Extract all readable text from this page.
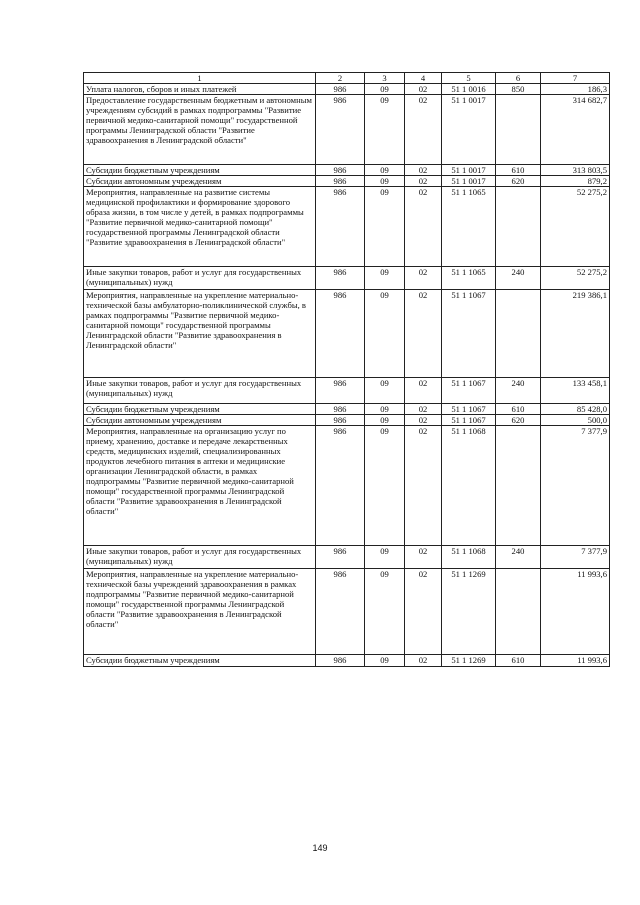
1	2	3	4	5	6	7
Уплата налогов, сборов и иных платежей	986	09	02	51 1 0016	850	186,3
Предоставление государственным бюджетным и автономным учреждениям субсидий в рамках подпрограммы "Развитие первичной медико-санитарной помощи" государственной программы Ленинградской области "Развитие здравоохранения в Ленинградской области"	986	09	02	51 1 0017		314 682,7
Субсидии бюджетным учреждениям	986	09	02	51 1 0017	610	313 803,5
Субсидии автономным учреждениям	986	09	02	51 1 0017	620	879,2
Мероприятия, направленные на развитие системы медицинской профилактики и формирование здорового образа жизни, в том числе у детей, в рамках подпрограммы "Развитие первичной медико-санитарной помощи" государственной программы Ленинградской области "Развитие здравоохранения в Ленинградской области"	986	09	02	51 1 1065		52 275,2
Иные закупки товаров, работ и услуг для государственных (муниципальных) нужд	986	09	02	51 1 1065	240	52 275,2
Мероприятия, направленные на укрепление материально-технической базы амбулаторно-поликлинической службы, в рамках подпрограммы "Развитие первичной медико-санитарной помощи" государственной программы Ленинградской области "Развитие здравоохранения в Ленинградской области"	986	09	02	51 1 1067		219 386,1
Иные закупки товаров, работ и услуг для государственных (муниципальных) нужд	986	09	02	51 1 1067	240	133 458,1
Субсидии бюджетным учреждениям	986	09	02	51 1 1067	610	85 428,0
Субсидии автономным учреждениям	986	09	02	51 1 1067	620	500,0
Мероприятия, направленные на организацию услуг по приему, хранению, доставке и передаче лекарственных средств, медицинских изделий, специализированных продуктов лечебного питания в аптеки и медицинские организации Ленинградской области, в рамках подпрограммы "Развитие первичной медико-санитарной помощи" государственной программы Ленинградской области "Развитие здравоохранения в Ленинградской области"	986	09	02	51 1 1068		7 377,9
Иные закупки товаров, работ и услуг для государственных (муниципальных) нужд	986	09	02	51 1 1068	240	7 377,9
Мероприятия, направленные на укрепление материально-технической базы учреждений здравоохранения в рамках подпрограммы "Развитие первичной медико-санитарной помощи" государственной программы Ленинградской области "Развитие здравоохранения в Ленинградской области"	986	09	02	51 1 1269		11 993,6
Субсидии бюджетным учреждениям	986	09	02	51 1 1269	610	11 993,6
149
